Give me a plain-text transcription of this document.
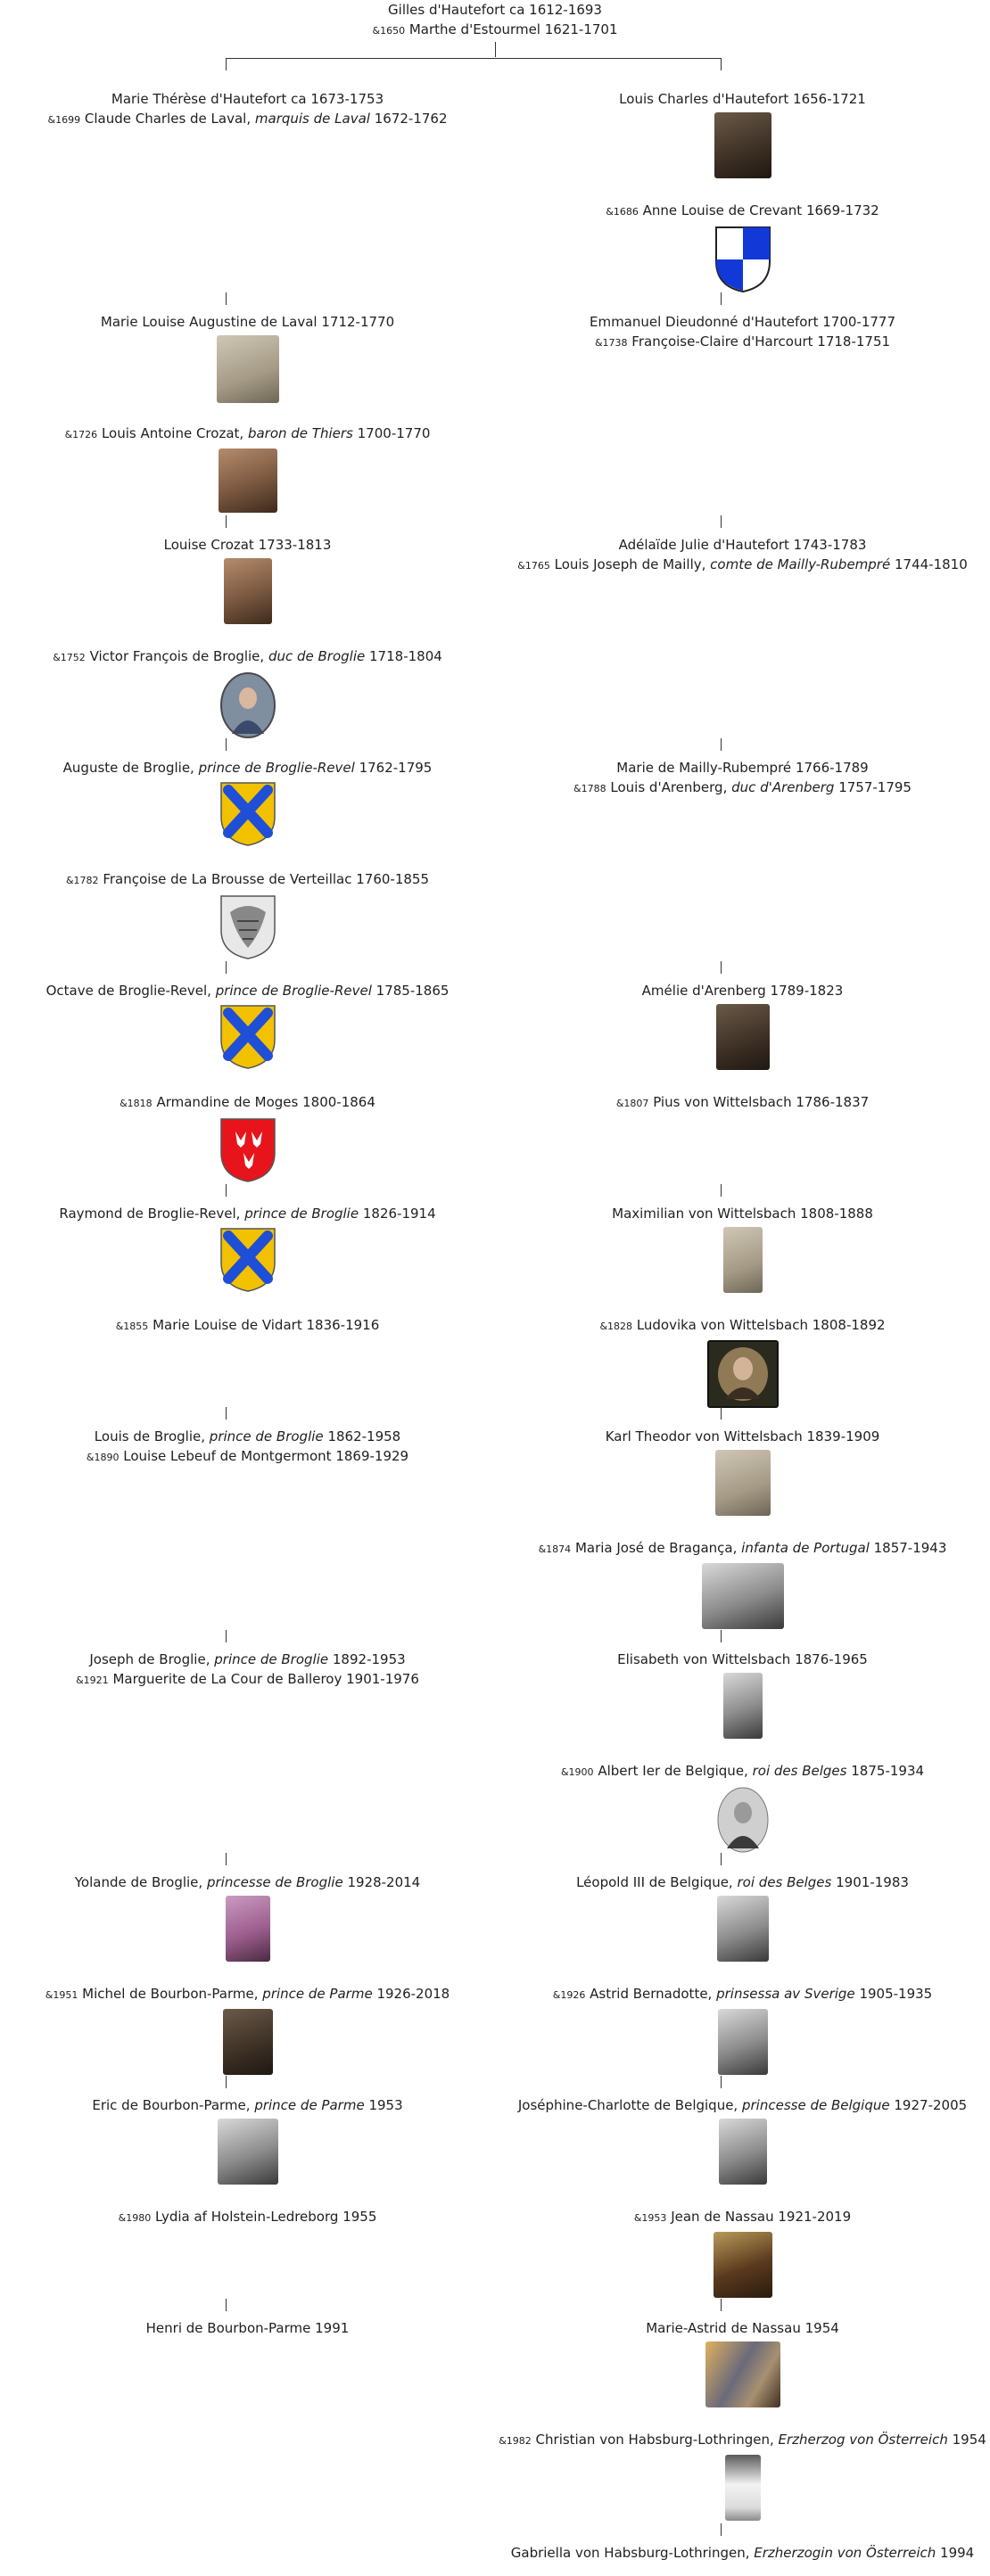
Gilles d'Hautefort ca 1612-1693
&1650 Marthe d'Estourmel 1621-1701
Marie Thérèse d'Hautefort ca 1673-1753
&1699 Claude Charles de Laval, marquis de Laval 1672-1762
Marie Louise Augustine de Laval 1712-1770
&1726 Louis Antoine Crozat, baron de Thiers 1700-1770
Louise Crozat 1733-1813
&1752 Victor François de Broglie, duc de Broglie 1718-1804
Auguste de Broglie, prince de Broglie-Revel 1762-1795
&1782 Françoise de La Brousse de Verteillac 1760-1855
Octave de Broglie-Revel, prince de Broglie-Revel 1785-1865
&1818 Armandine de Moges 1800-1864
Raymond de Broglie-Revel, prince de Broglie 1826-1914
&1855 Marie Louise de Vidart 1836-1916
Louis de Broglie, prince de Broglie 1862-1958
&1890 Louise Lebeuf de Montgermont 1869-1929
Joseph de Broglie, prince de Broglie 1892-1953
&1921 Marguerite de La Cour de Balleroy 1901-1976
Yolande de Broglie, princesse de Broglie 1928-2014
&1951 Michel de Bourbon-Parme, prince de Parme 1926-2018
Eric de Bourbon-Parme, prince de Parme 1953
&1980 Lydia af Holstein-Ledreborg 1955
Henri de Bourbon-Parme 1991
Louis Charles d'Hautefort 1656-1721
&1686 Anne Louise de Crevant 1669-1732
Emmanuel Dieudonné d'Hautefort 1700-1777
&1738 Françoise-Claire d'Harcourt 1718-1751
Adélaïde Julie d'Hautefort 1743-1783
&1765 Louis Joseph de Mailly, comte de Mailly-Rubempré 1744-1810
Marie de Mailly-Rubempré 1766-1789
&1788 Louis d'Arenberg, duc d'Arenberg 1757-1795
Amélie d'Arenberg 1789-1823
&1807 Pius von Wittelsbach 1786-1837
Maximilian von Wittelsbach 1808-1888
&1828 Ludovika von Wittelsbach 1808-1892
Karl Theodor von Wittelsbach 1839-1909
&1874 Maria José de Bragança, infanta de Portugal 1857-1943
Elisabeth von Wittelsbach 1876-1965
&1900 Albert Ier de Belgique, roi des Belges 1875-1934
Léopold III de Belgique, roi des Belges 1901-1983
&1926 Astrid Bernadotte, prinsessa av Sverige 1905-1935
Joséphine-Charlotte de Belgique, princesse de Belgique 1927-2005
&1953 Jean de Nassau 1921-2019
Marie-Astrid de Nassau 1954
&1982 Christian von Habsburg-Lothringen, Erzherzog von Österreich 1954
Gabriella von Habsburg-Lothringen, Erzherzogin von Österreich 1994
